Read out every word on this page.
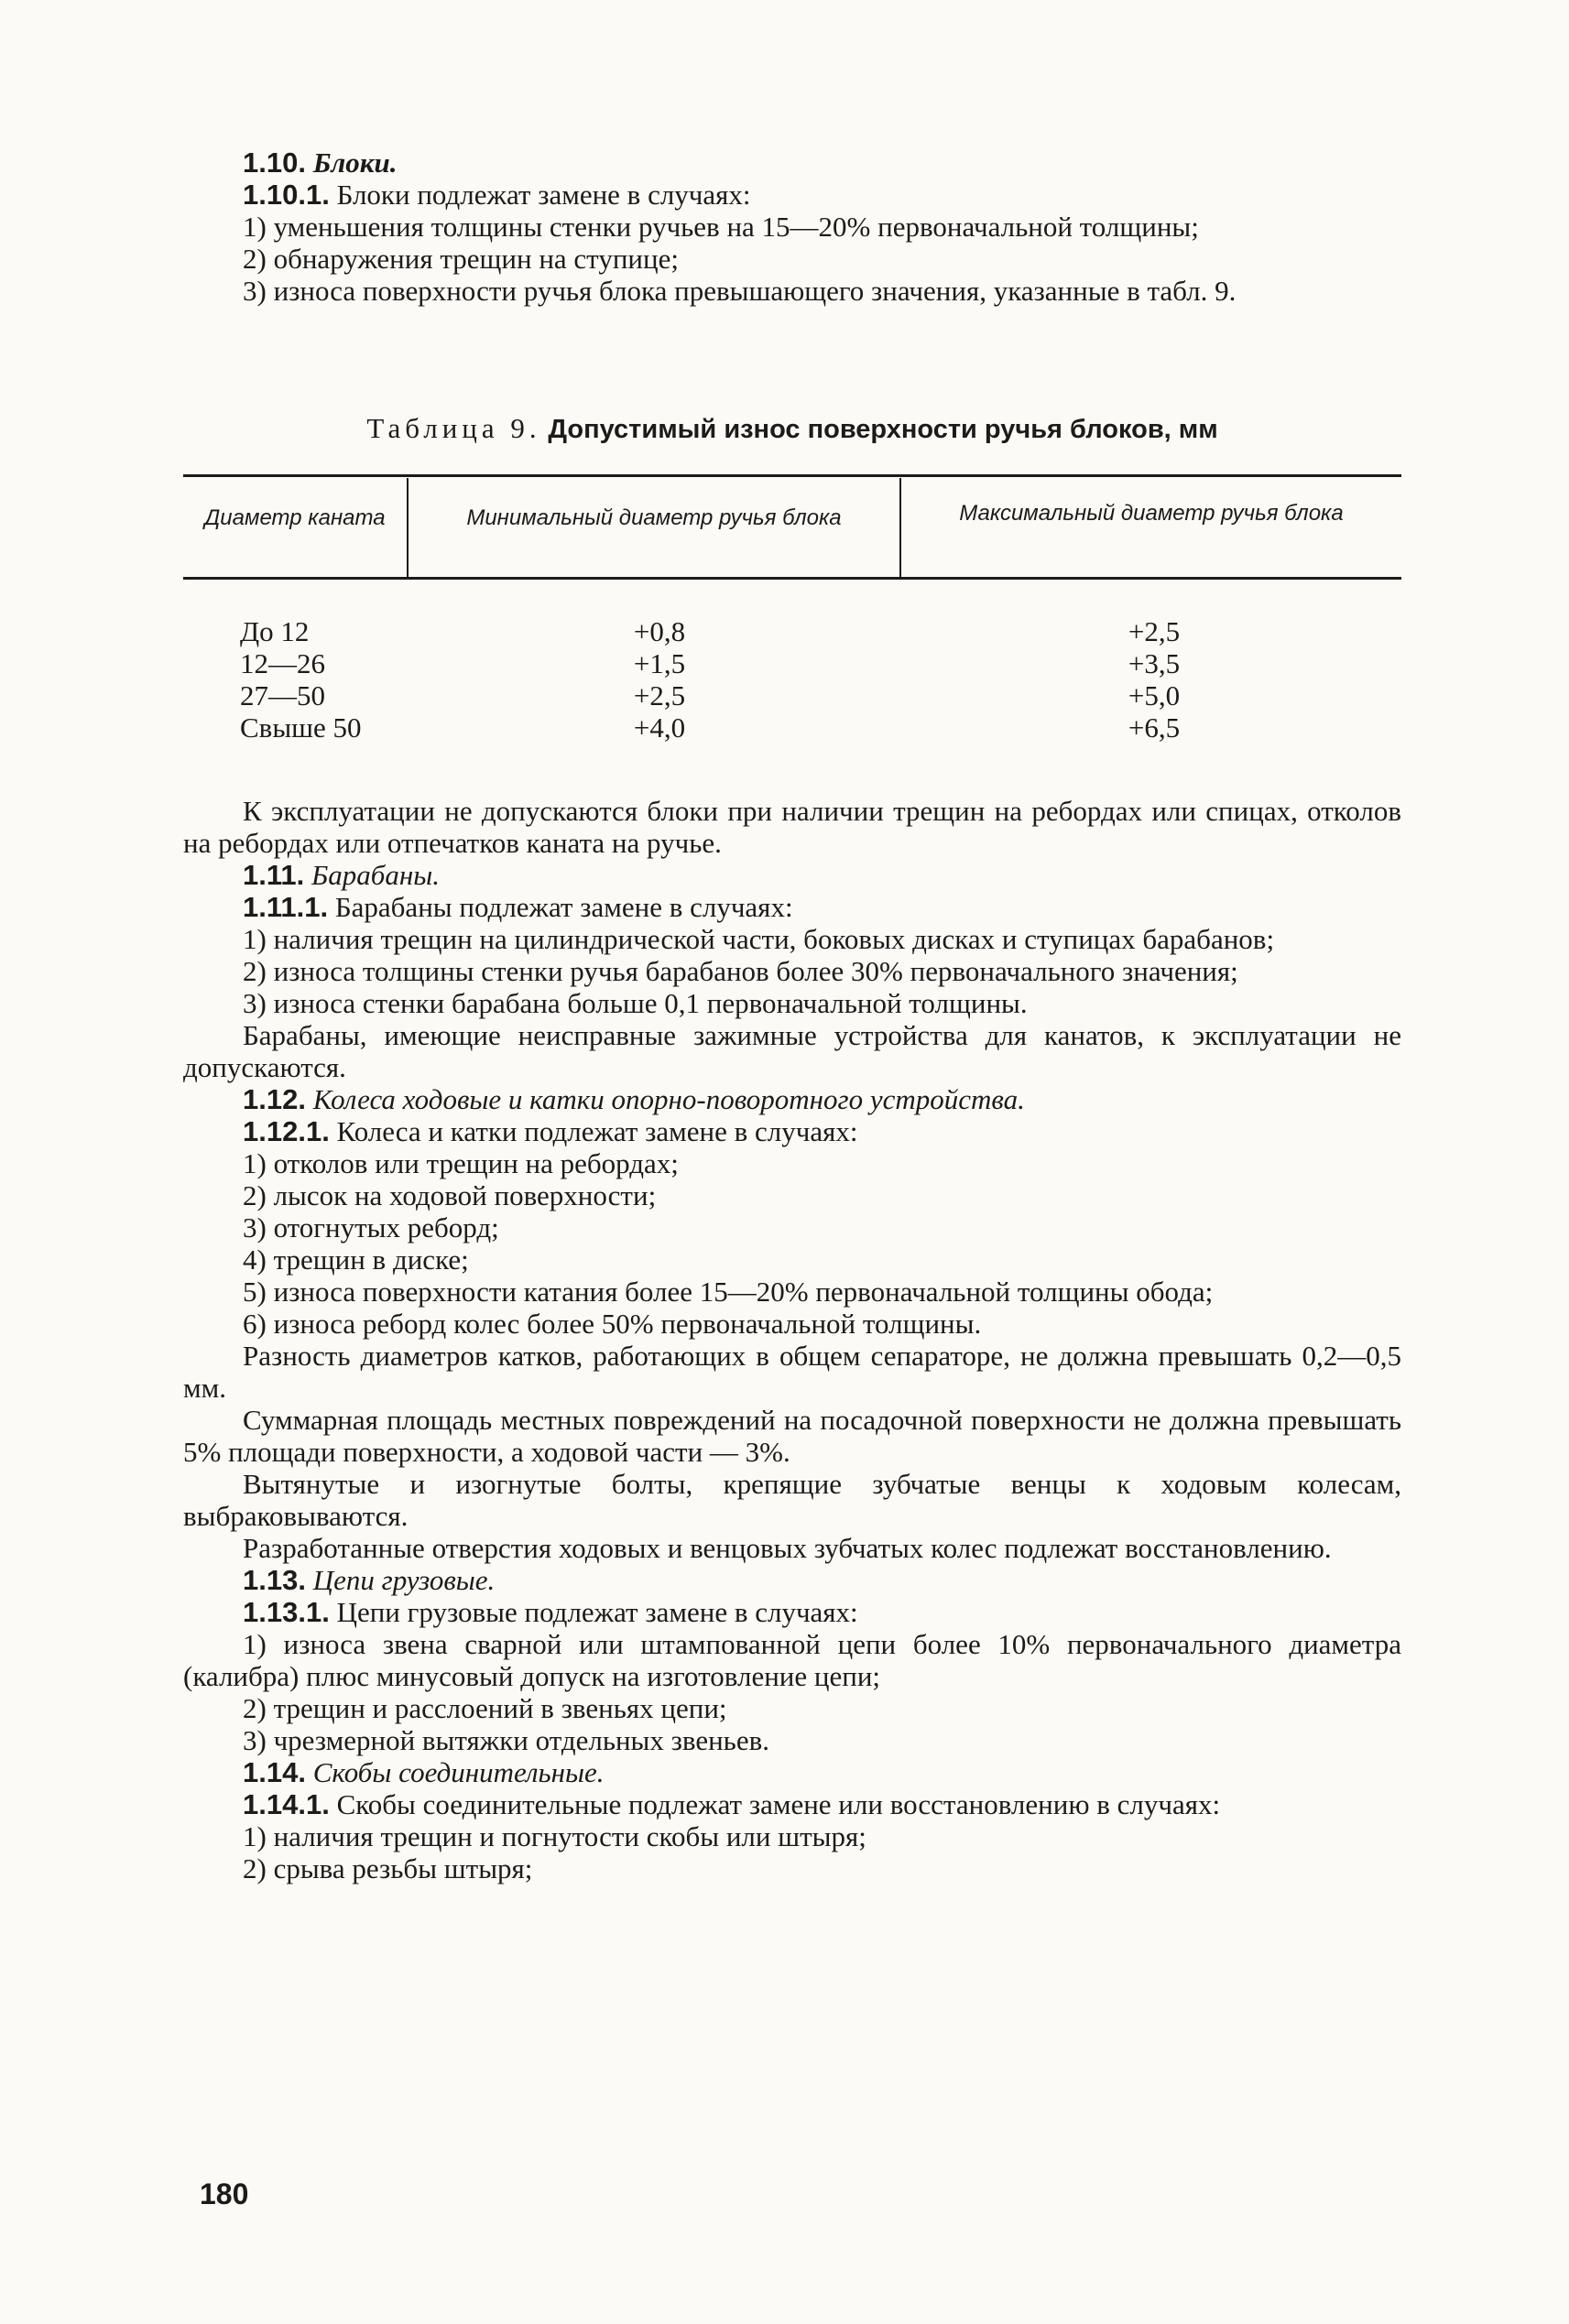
1.10. Блоки.

1.10.1. Блоки подлежат замене в случаях:

1) уменьшения толщины стенки ручьев на 15—20% первоначальной толщины;

2) обнаружения трещин на ступице;

3) износа поверхности ручья блока превышающего значения, указанные в табл. 9.

Таблица 9. Допустимый износ поверхности ручья блоков, мм

Диаметр каната	Минимальный диаметр ручья блока	Максимальный диаметр ручья блока
До 12	+0,8	+2,5
12—26	+1,5	+3,5
27—50	+2,5	+5,0
Свыше 50	+4,0	+6,5

К эксплуатации не допускаются блоки при наличии трещин на ребордах или спицах, отколов на ребордах или отпечатков каната на ручье.

1.11. Барабаны.

1.11.1. Барабаны подлежат замене в случаях:

1) наличия трещин на цилиндрической части, боковых дисках и ступицах барабанов;

2) износа толщины стенки ручья барабанов более 30% первоначального значения;

3) износа стенки барабана больше 0,1 первоначальной толщины.

Барабаны, имеющие неисправные зажимные устройства для канатов, к эксплуатации не допускаются.

1.12. Колеса ходовые и катки опорно-поворотного устройства.

1.12.1. Колеса и катки подлежат замене в случаях:

1) отколов или трещин на ребордах;

2) лысок на ходовой поверхности;

3) отогнутых реборд;

4) трещин в диске;

5) износа поверхности катания более 15—20% первоначальной толщины обода;

6) износа реборд колес более 50% первоначальной толщины.

Разность диаметров катков, работающих в общем сепараторе, не должна превышать 0,2—0,5 мм.

Суммарная площадь местных повреждений на посадочной поверхности не должна превышать 5% площади поверхности, а ходовой части — 3%.

Вытянутые и изогнутые болты, крепящие зубчатые венцы к ходовым колесам, выбраковываются.

Разработанные отверстия ходовых и венцовых зубчатых колес подлежат восстановлению.

1.13. Цепи грузовые.

1.13.1. Цепи грузовые подлежат замене в случаях:

1) износа звена сварной или штампованной цепи более 10% первоначального диаметра (калибра) плюс минусовый допуск на изготовление цепи;

2) трещин и расслоений в звеньях цепи;

3) чрезмерной вытяжки отдельных звеньев.

1.14. Скобы соединительные.

1.14.1. Скобы соединительные подлежат замене или восстановлению в случаях:

1) наличия трещин и погнутости скобы или штыря;

2) срыва резьбы штыря;

180
